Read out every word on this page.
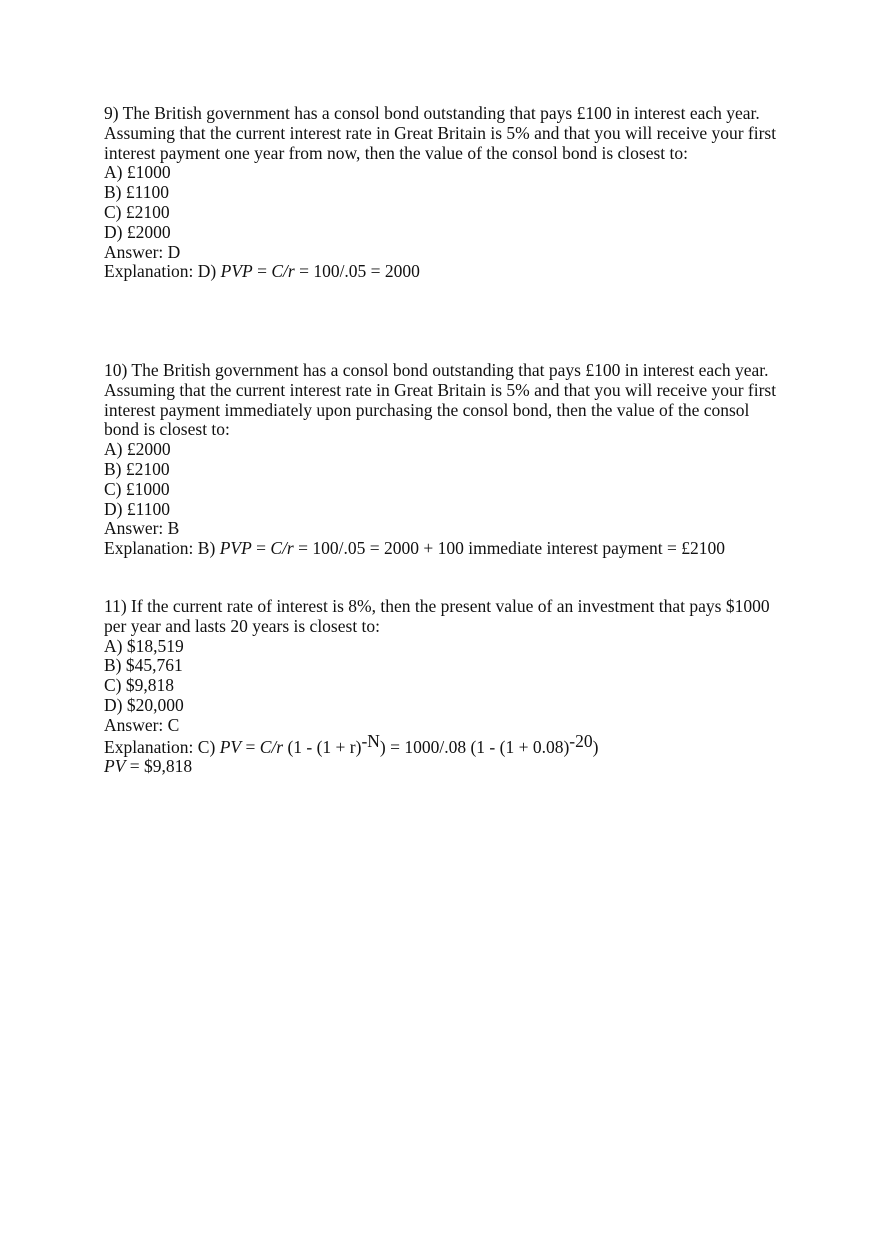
9) The British government has a consol bond outstanding that pays £100 in interest each year.
Assuming that the current interest rate in Great Britain is 5% and that you will receive your first
interest payment one year from now, then the value of the consol bond is closest to:
A) £1000
B) £1100
C) £2100
D) £2000
Answer: D
Explanation: D) PVP = C/r = 100/.05 = 2000
10) The British government has a consol bond outstanding that pays £100 in interest each year.
Assuming that the current interest rate in Great Britain is 5% and that you will receive your first
interest payment immediately upon purchasing the consol bond, then the value of the consol
bond is closest to:
A) £2000
B) £2100
C) £1000
D) £1100
Answer: B
Explanation: B) PVP = C/r = 100/.05 = 2000 + 100 immediate interest payment = £2100
11) If the current rate of interest is 8%, then the present value of an investment that pays $1000
per year and lasts 20 years is closest to:
A) $18,519
B) $45,761
C) $9,818
D) $20,000
Answer: C
Explanation: C) PV = C/r $(1 - (1 + r)^{-N}) = 1000/.08$ $(1 - (1 + 0.08)^{-20})$
PV = $9,818
